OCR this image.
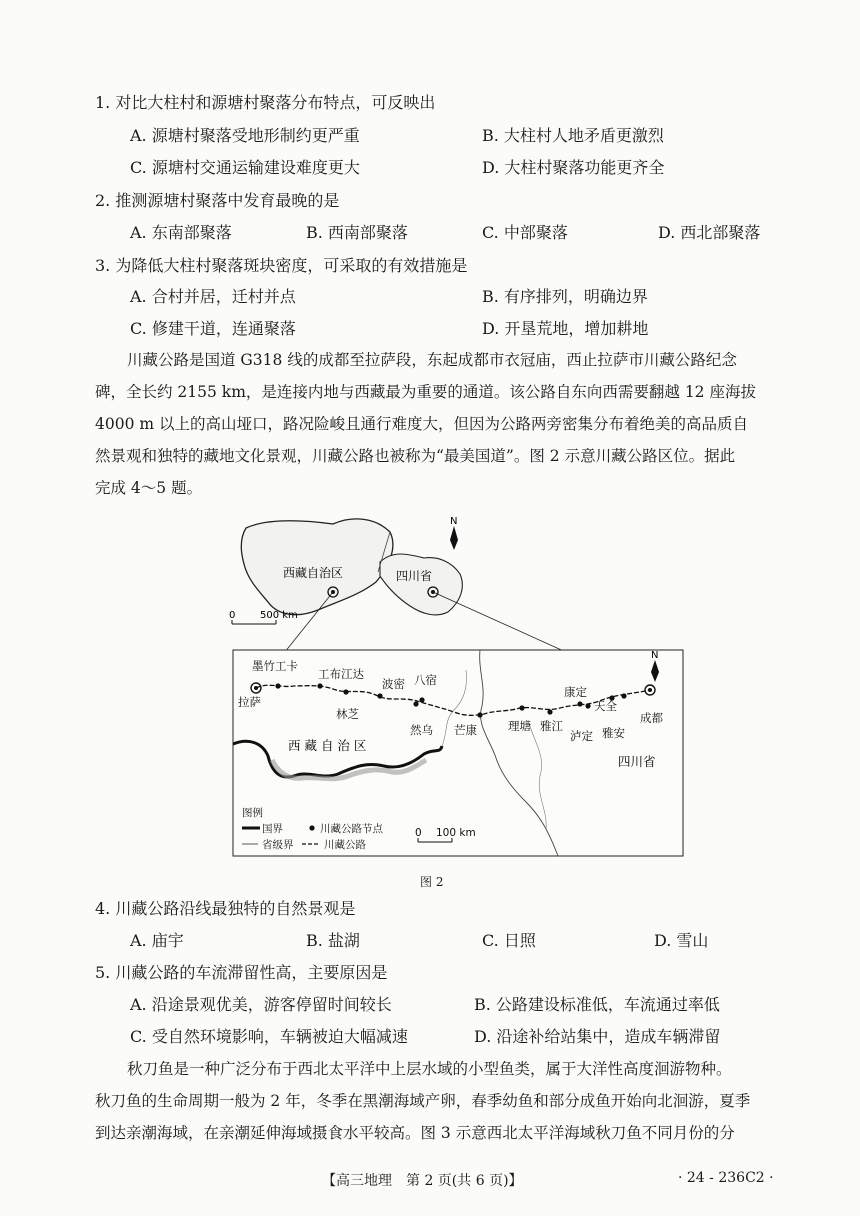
1. 对比大柱村和源塘村聚落分布特点，可反映出
A. 源塘村聚落受地形制约更严重	B. 大柱村人地矛盾更激烈
C. 源塘村交通运输建设难度更大	D. 大柱村聚落功能更齐全
2. 推测源塘村聚落中发育最晚的是
A. 东南部聚落	B. 西南部聚落	C. 中部聚落	D. 西北部聚落
3. 为降低大柱村聚落斑块密度，可采取的有效措施是
A. 合村并居，迁村并点	B. 有序排列，明确边界
C. 修建干道，连通聚落	D. 开垦荒地，增加耕地
川藏公路是国道 G318 线的成都至拉萨段，东起成都市衣冠庙，西止拉萨市川藏公路纪念
碑，全长约 2155 km，是连接内地与西藏最为重要的通道。该公路自东向西需要翻越 12 座海拔
4000 m 以上的高山垭口，路况险峻且通行难度大，但因为公路两旁密集分布着绝美的高品质自
然景观和独特的藏地文化景观，川藏公路也被称为“最美国道”。图 2 示意川藏公路区位。据此
完成 4～5 题。
西藏自治区	四川省
N
0 500 km
拉萨
墨竹工卡
工布江达
林芝
波密 八宿
然乌 芒康	理塘 雅江
康定
泸定
天全
雅安
成都
西 藏 自 治 区
四川省
N
图例
国界	川藏公路节点
省级界	川藏公路
0 100 km
图 2
4. 川藏公路沿线最独特的自然景观是
A. 庙宇	B. 盐湖	C. 日照	D. 雪山
5. 川藏公路的车流滞留性高，主要原因是
A. 沿途景观优美，游客停留时间较长	B. 公路建设标准低，车流通过率低
C. 受自然环境影响，车辆被迫大幅减速	D. 沿途补给站集中，造成车辆滞留
秋刀鱼是一种广泛分布于西北太平洋中上层水域的小型鱼类，属于大洋性高度洄游物种。
秋刀鱼的生命周期一般为 2 年，冬季在黑潮海域产卵，春季幼鱼和部分成鱼开始向北洄游，夏季
到达亲潮海域，在亲潮延伸海域摄食水平较高。图 3 示意西北太平洋海域秋刀鱼不同月份的分
【高三地理　第 2 页(共 6 页)】	· 24 - 236C2 ·
